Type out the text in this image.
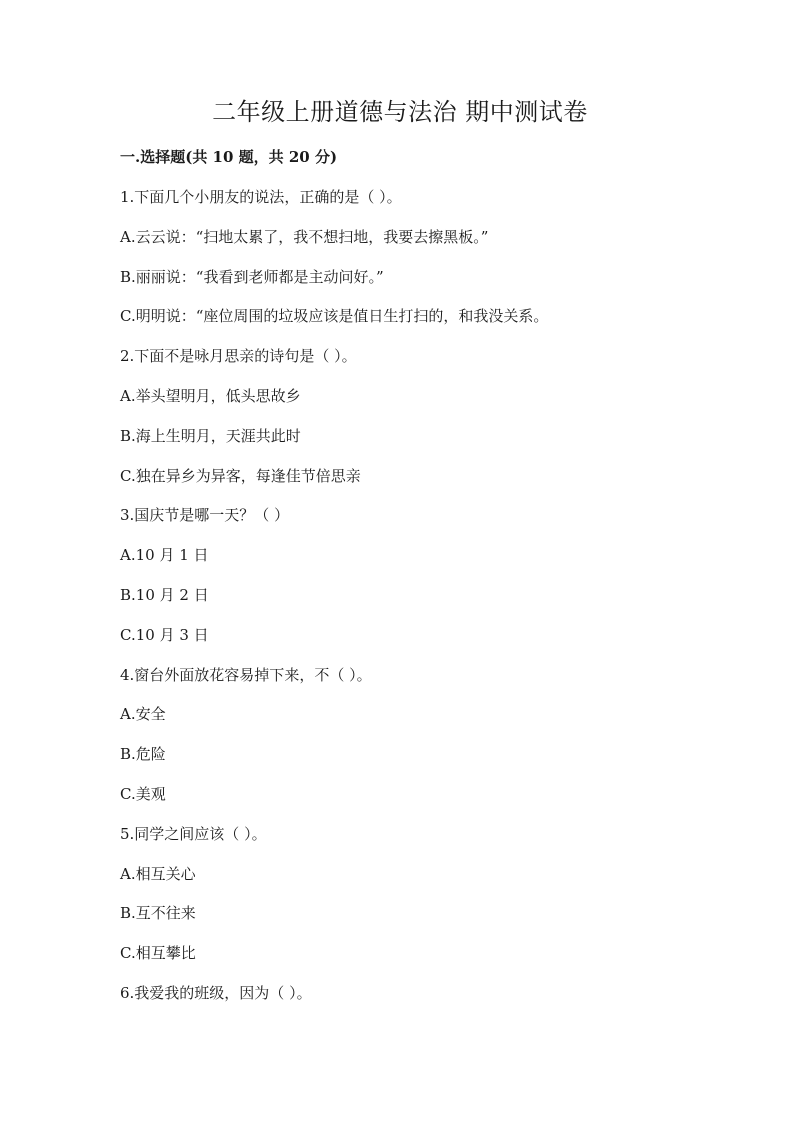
二年级上册道德与法治 期中测试卷
一.选择题(共 10 题，共 20 分)
1.下面几个小朋友的说法，正确的是（ ）。
A.云云说：“扫地太累了，我不想扫地，我要去擦黑板。”
B.丽丽说：“我看到老师都是主动问好。”
C.明明说：“座位周围的垃圾应该是值日生打扫的，和我没关系。
2.下面不是咏月思亲的诗句是（ ）。
A.举头望明月，低头思故乡
B.海上生明月，天涯共此时
C.独在异乡为异客，每逢佳节倍思亲
3.国庆节是哪一天？（ ）
A.10 月 1 日
B.10 月 2 日
C.10 月 3 日
4.窗台外面放花容易掉下来，不（ ）。
A.安全
B.危险
C.美观
5.同学之间应该（ ）。
A.相互关心
B.互不往来
C.相互攀比
6.我爱我的班级，因为（ ）。
